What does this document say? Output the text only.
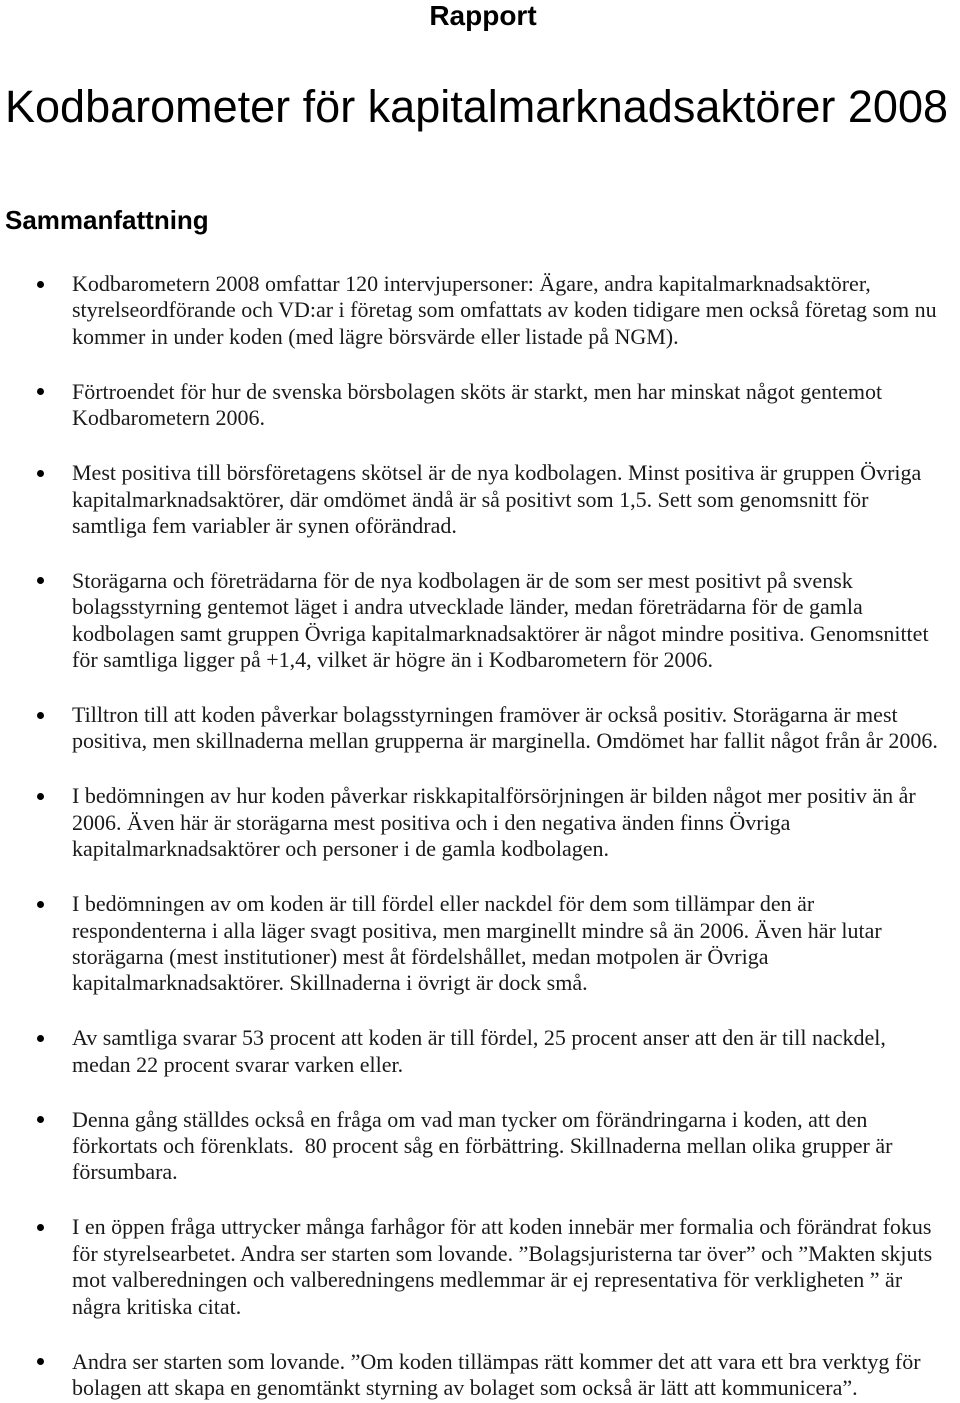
Rapport
Kodbarometer för kapitalmarknadsaktörer 2008
Sammanfattning
Kodbarometern 2008 omfattar 120 intervjupersoner: Ägare, andra kapitalmarknadsaktörer,
styrelseordförande och VD:ar i företag som omfattats av koden tidigare men också företag som nu
kommer in under koden (med lägre börsvärde eller listade på NGM).
Förtroendet för hur de svenska börsbolagen sköts är starkt, men har minskat något gentemot
Kodbarometern 2006.
Mest positiva till börsföretagens skötsel är de nya kodbolagen. Minst positiva är gruppen Övriga
kapitalmarknadsaktörer, där omdömet ändå är så positivt som 1,5. Sett som genomsnitt för
samtliga fem variabler är synen oförändrad.
Storägarna och företrädarna för de nya kodbolagen är de som ser mest positivt på svensk
bolagsstyrning gentemot läget i andra utvecklade länder, medan företrädarna för de gamla
kodbolagen samt gruppen Övriga kapitalmarknadsaktörer är något mindre positiva. Genomsnittet
för samtliga ligger på +1,4, vilket är högre än i Kodbarometern för 2006.
Tilltron till att koden påverkar bolagsstyrningen framöver är också positiv. Storägarna är mest
positiva, men skillnaderna mellan grupperna är marginella. Omdömet har fallit något från år 2006.
I bedömningen av hur koden påverkar riskkapitalförsörjningen är bilden något mer positiv än år
2006. Även här är storägarna mest positiva och i den negativa änden finns Övriga
kapitalmarknadsaktörer och personer i de gamla kodbolagen.
I bedömningen av om koden är till fördel eller nackdel för dem som tillämpar den är
respondenterna i alla läger svagt positiva, men marginellt mindre så än 2006. Även här lutar
storägarna (mest institutioner) mest åt fördelshållet, medan motpolen är Övriga
kapitalmarknadsaktörer. Skillnaderna i övrigt är dock små.
Av samtliga svarar 53 procent att koden är till fördel, 25 procent anser att den är till nackdel,
medan 22 procent svarar varken eller.
Denna gång ställdes också en fråga om vad man tycker om förändringarna i koden, att den
förkortats och förenklats.  80 procent såg en förbättring. Skillnaderna mellan olika grupper är
försumbara.
I en öppen fråga uttrycker många farhågor för att koden innebär mer formalia och förändrat fokus
för styrelsearbetet. Andra ser starten som lovande. ”Bolagsjuristerna tar över” och ”Makten skjuts
mot valberedningen och valberedningens medlemmar är ej representativa för verkligheten ” är
några kritiska citat.
Andra ser starten som lovande. ”Om koden tillämpas rätt kommer det att vara ett bra verktyg för
bolagen att skapa en genomtänkt styrning av bolaget som också är lätt att kommunicera”.
